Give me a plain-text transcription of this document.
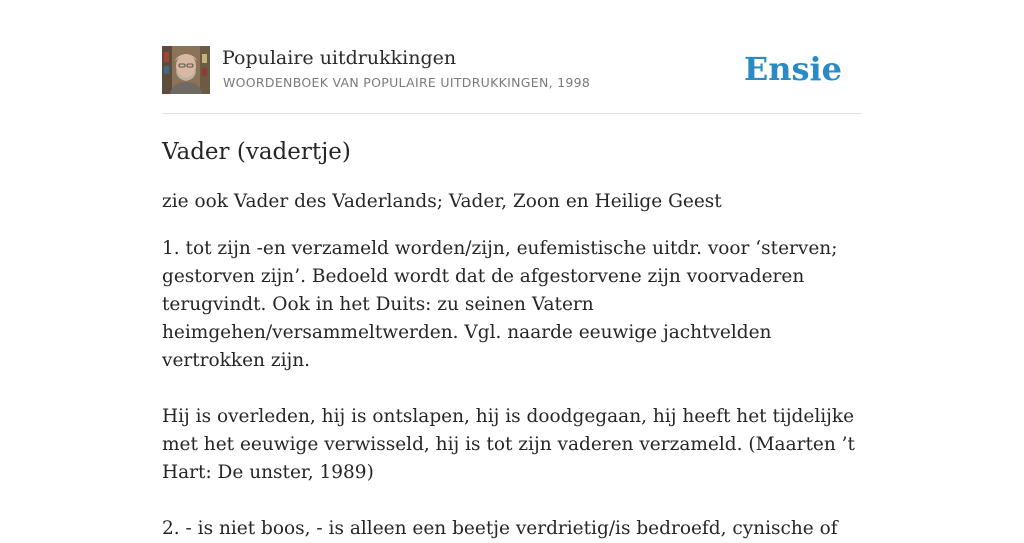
Populaire uitdrukkingen
WOORDENBOEK VAN POPULAIRE UITDRUKKINGEN, 1998	Ensie
Vader (vadertje)

zie ook Vader des Vaderlands; Vader, Zoon en Heilige Geest

1. tot zijn -en verzameld worden/zijn, eufemistische uitdr. voor ‘sterven; gestorven zijn’. Bedoeld wordt dat de afgestorvene zijn voorvaderen terugvindt. Ook in het Duits: zu seinen Vatern heimgehen/versammeltwerden. Vgl. naarde eeuwige jachtvelden vertrokken zijn.

Hij is overleden, hij is ontslapen, hij is doodgegaan, hij heeft het tijdelijke met het eeuwige verwisseld, hij is tot zijn vaderen verzameld. (Maarten ’t Hart: De unster, 1989)

2. - is niet boos, - is alleen een beetje verdrietig/is bedroefd, cynische of
